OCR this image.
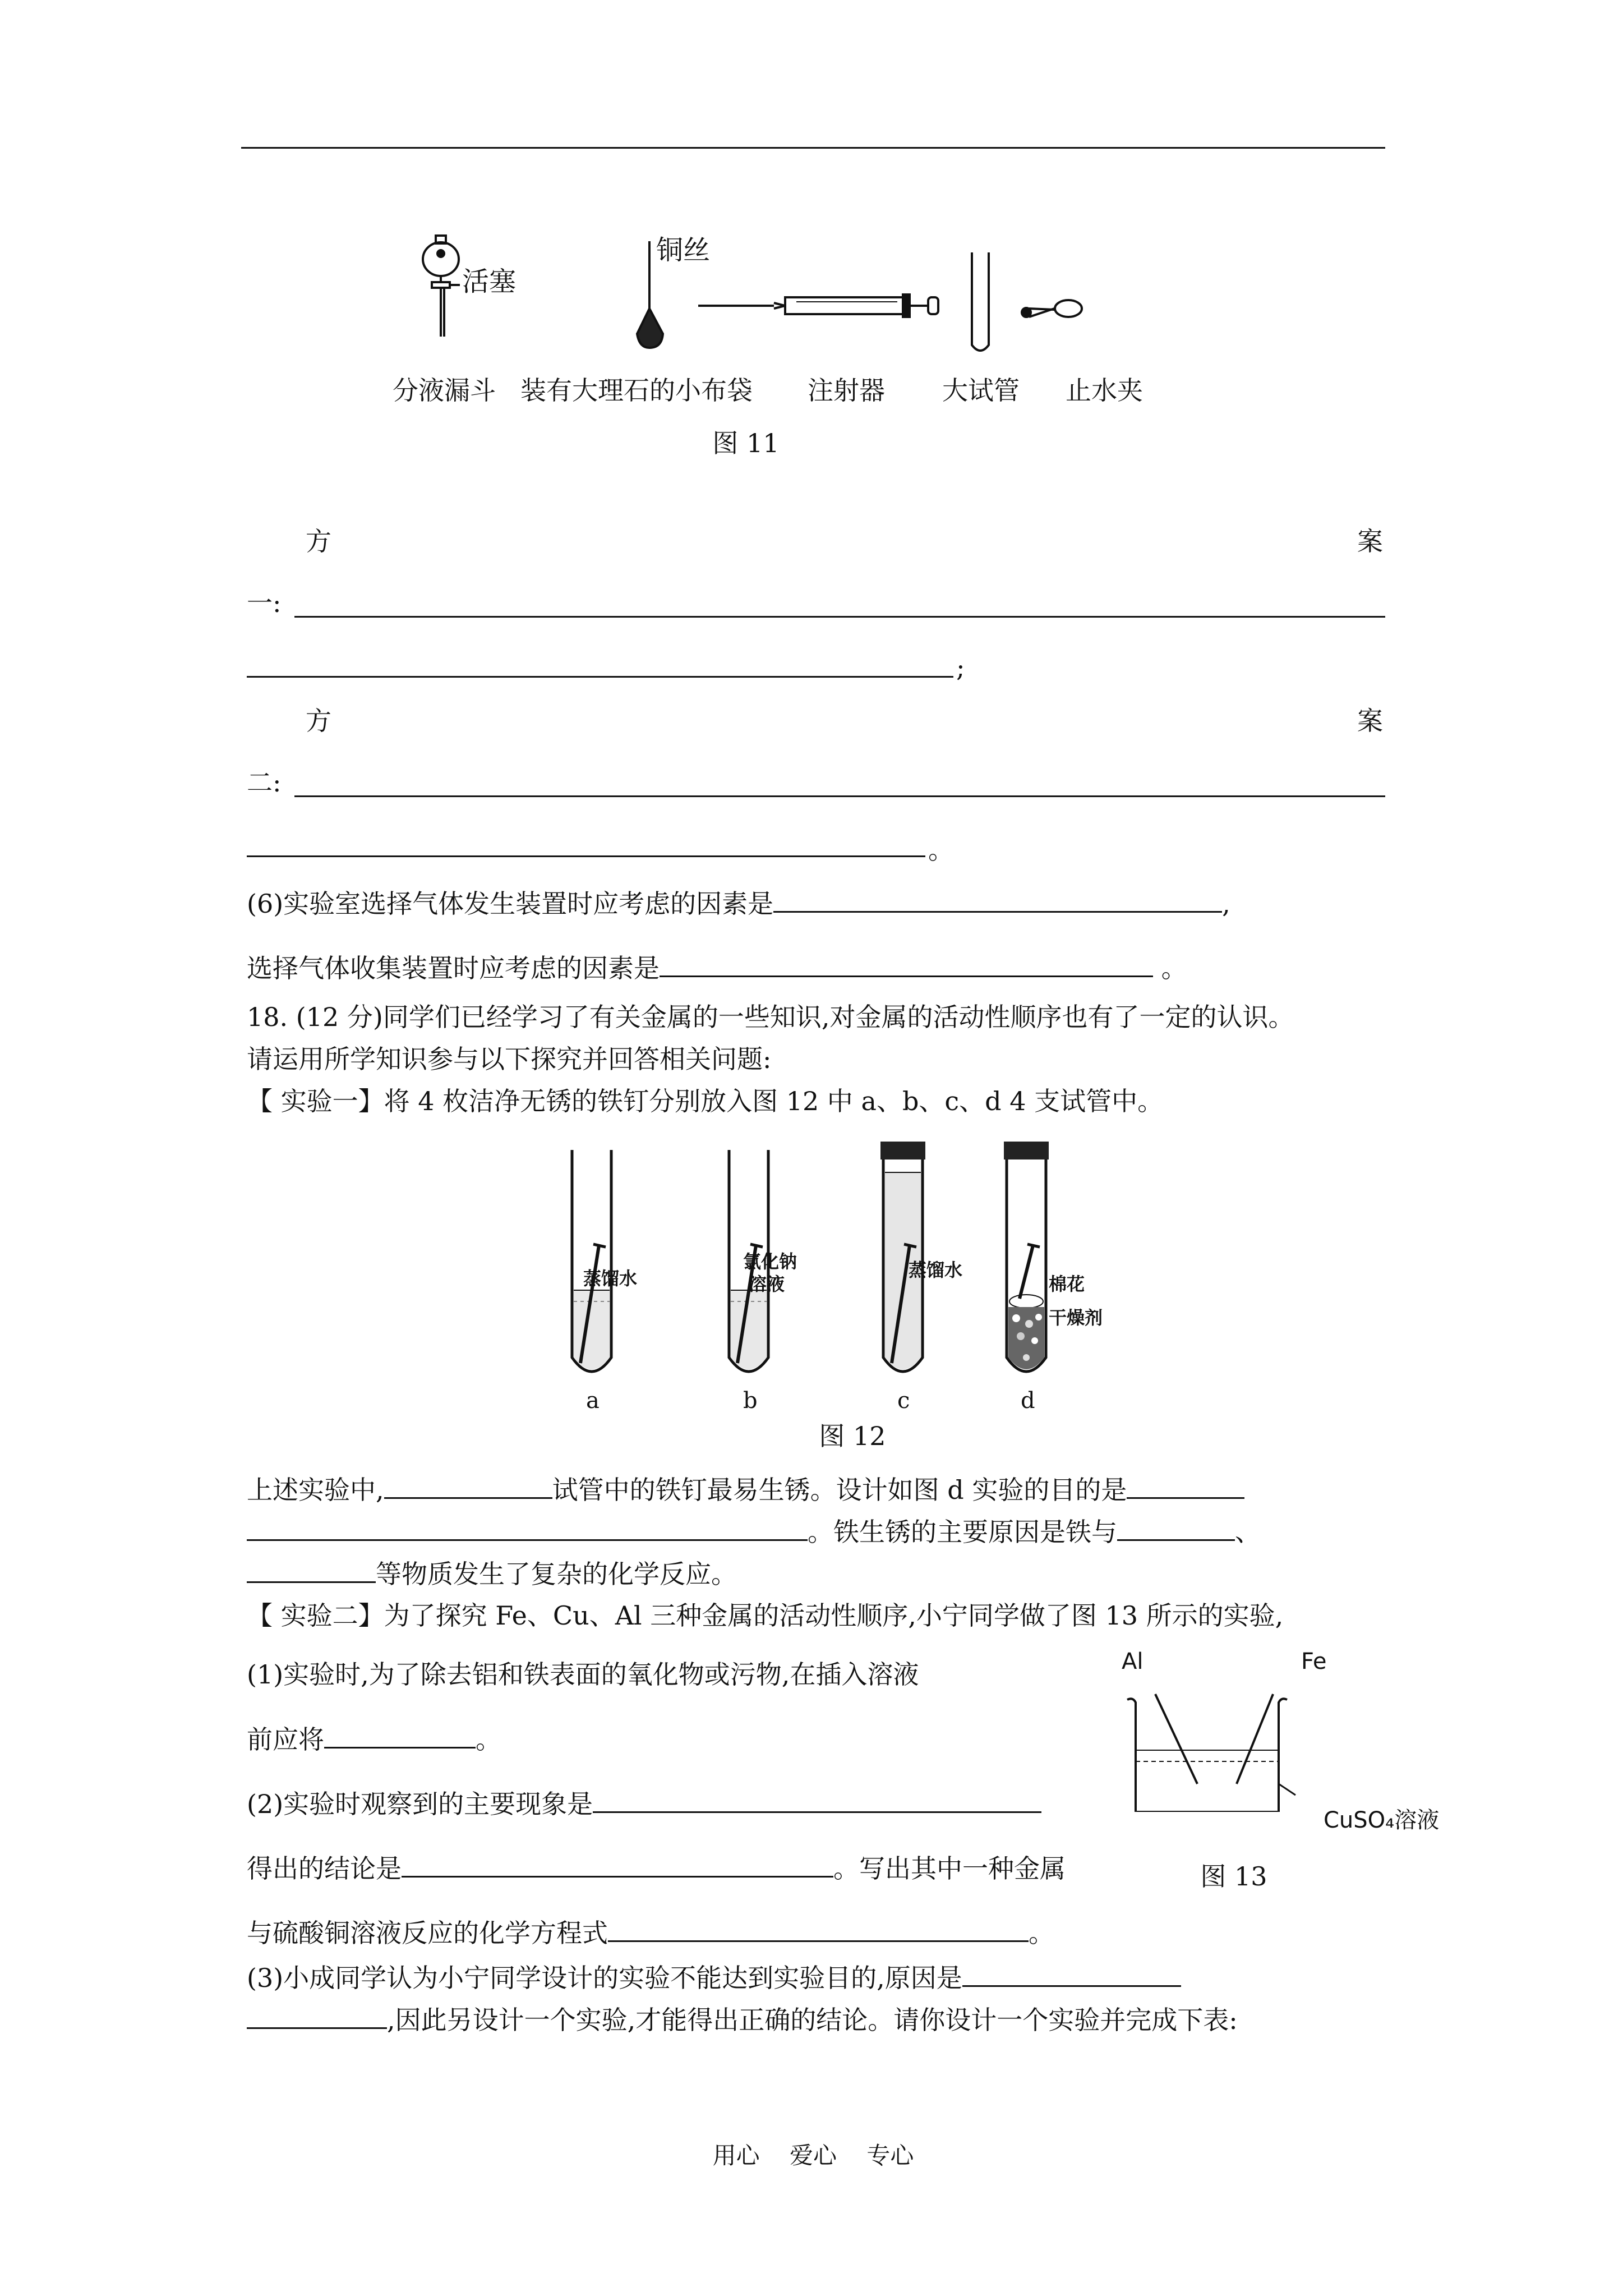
活塞
铜丝
分液漏斗 装有大理石的小布袋 注射器 大试管 止水夹
图 11
方	案
一:
;
方	案
二:
。
(6)实验室选择气体发生装置时应考虑的因素是	,
选择气体收集装置时应考虑的因素是	。
18. (12 分)同学们已经学习了有关金属的一些知识,对金属的活动性顺序也有了一定的认识。
请运用所学知识参与以下探究并回答相关问题:
【 实验一】将 4 枚洁净无锈的铁钉分别放入图 12 中 a、b、c、d 4 支试管中。
蒸馏水
a
氯化钠
溶液
b
蒸馏水
c
棉花
干燥剂
d
图 12
上述实验中,	试管中的铁钉最易生锈。设计如图 d 实验的目的是
。铁生锈的主要原因是铁与	、
等物质发生了复杂的化学反应。
【 实验二】为了探究 Fe、Cu、Al 三种金属的活动性顺序,小宁同学做了图 13 所示的实验,
(1)实验时,为了除去铝和铁表面的氧化物或污物,在插入溶液
前应将	。
(2)实验时观察到的主要现象是
得出的结论是	。写出其中一种金属
与硫酸铜溶液反应的化学方程式	。
(3)小成同学认为小宁同学设计的实验不能达到实验目的,原因是
,因此另设计一个实验,才能得出正确的结论。请你设计一个实验并完成下表:
Al	Fe
CuSO₄溶液
图 13
用心 爱心 专心
